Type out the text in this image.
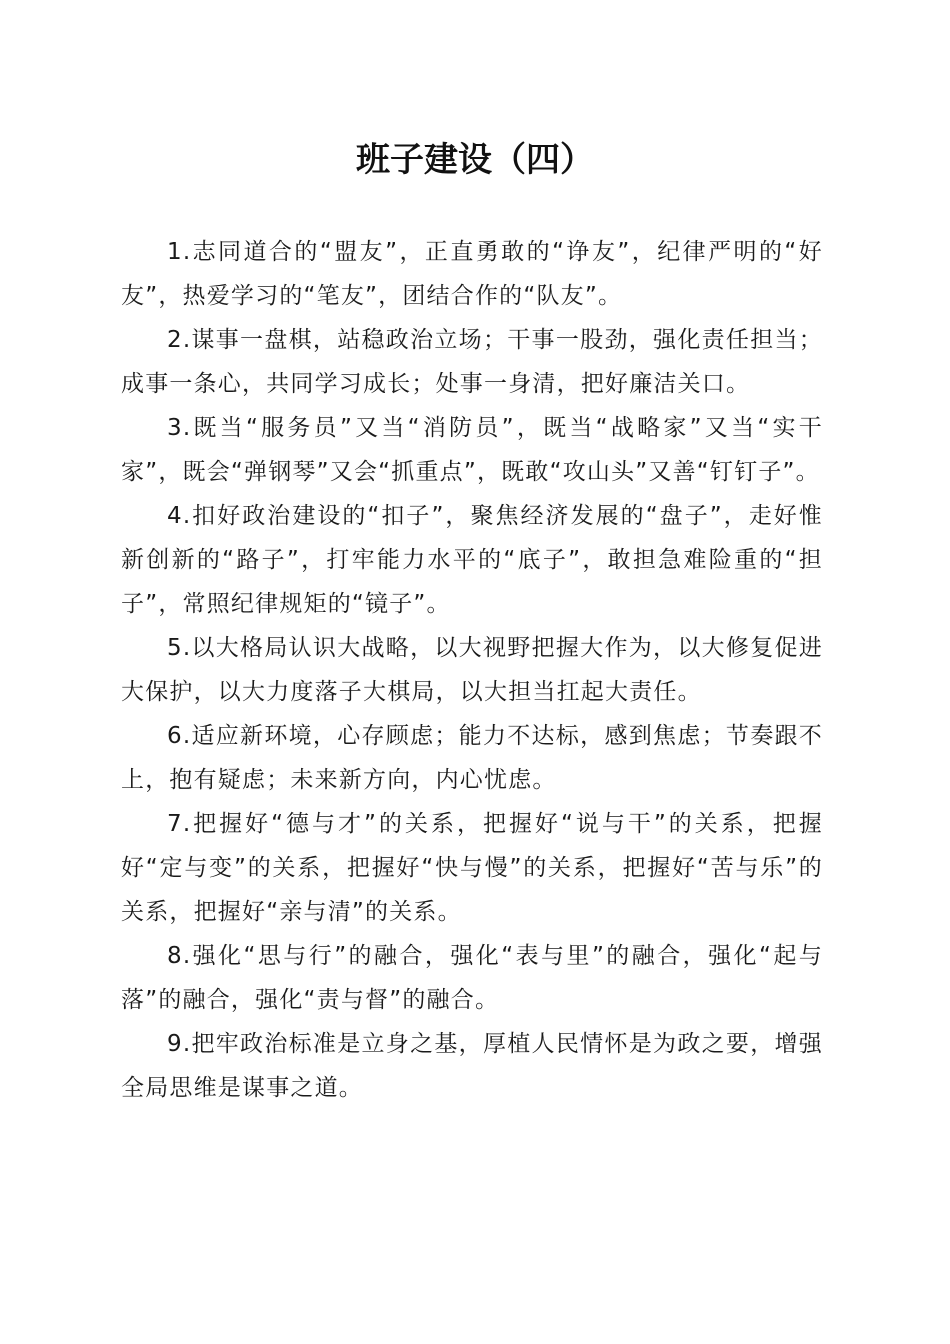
班子建设（四）

1.志同道合的“盟友”，正直勇敢的“诤友”，纪律严明的“好友”，热爱学习的“笔友”，团结合作的“队友”。

2.谋事一盘棋，站稳政治立场；干事一股劲，强化责任担当；成事一条心，共同学习成长；处事一身清，把好廉洁关口。

3.既当“服务员”又当“消防员”，既当“战略家”又当“实干家”，既会“弹钢琴”又会“抓重点”，既敢“攻山头”又善“钉钉子”。

4.扣好政治建设的“扣子”，聚焦经济发展的“盘子”，走好惟新创新的“路子”，打牢能力水平的“底子”，敢担急难险重的“担子”，常照纪律规矩的“镜子”。

5.以大格局认识大战略，以大视野把握大作为，以大修复促进大保护，以大力度落子大棋局，以大担当扛起大责任。

6.适应新环境，心存顾虑；能力不达标，感到焦虑；节奏跟不上，抱有疑虑；未来新方向，内心忧虑。

7.把握好“德与才”的关系，把握好“说与干”的关系，把握好“定与变”的关系，把握好“快与慢”的关系，把握好“苦与乐”的关系，把握好“亲与清”的关系。

8.强化“思与行”的融合，强化“表与里”的融合，强化“起与落”的融合，强化“责与督”的融合。

9.把牢政治标准是立身之基，厚植人民情怀是为政之要，增强全局思维是谋事之道。
